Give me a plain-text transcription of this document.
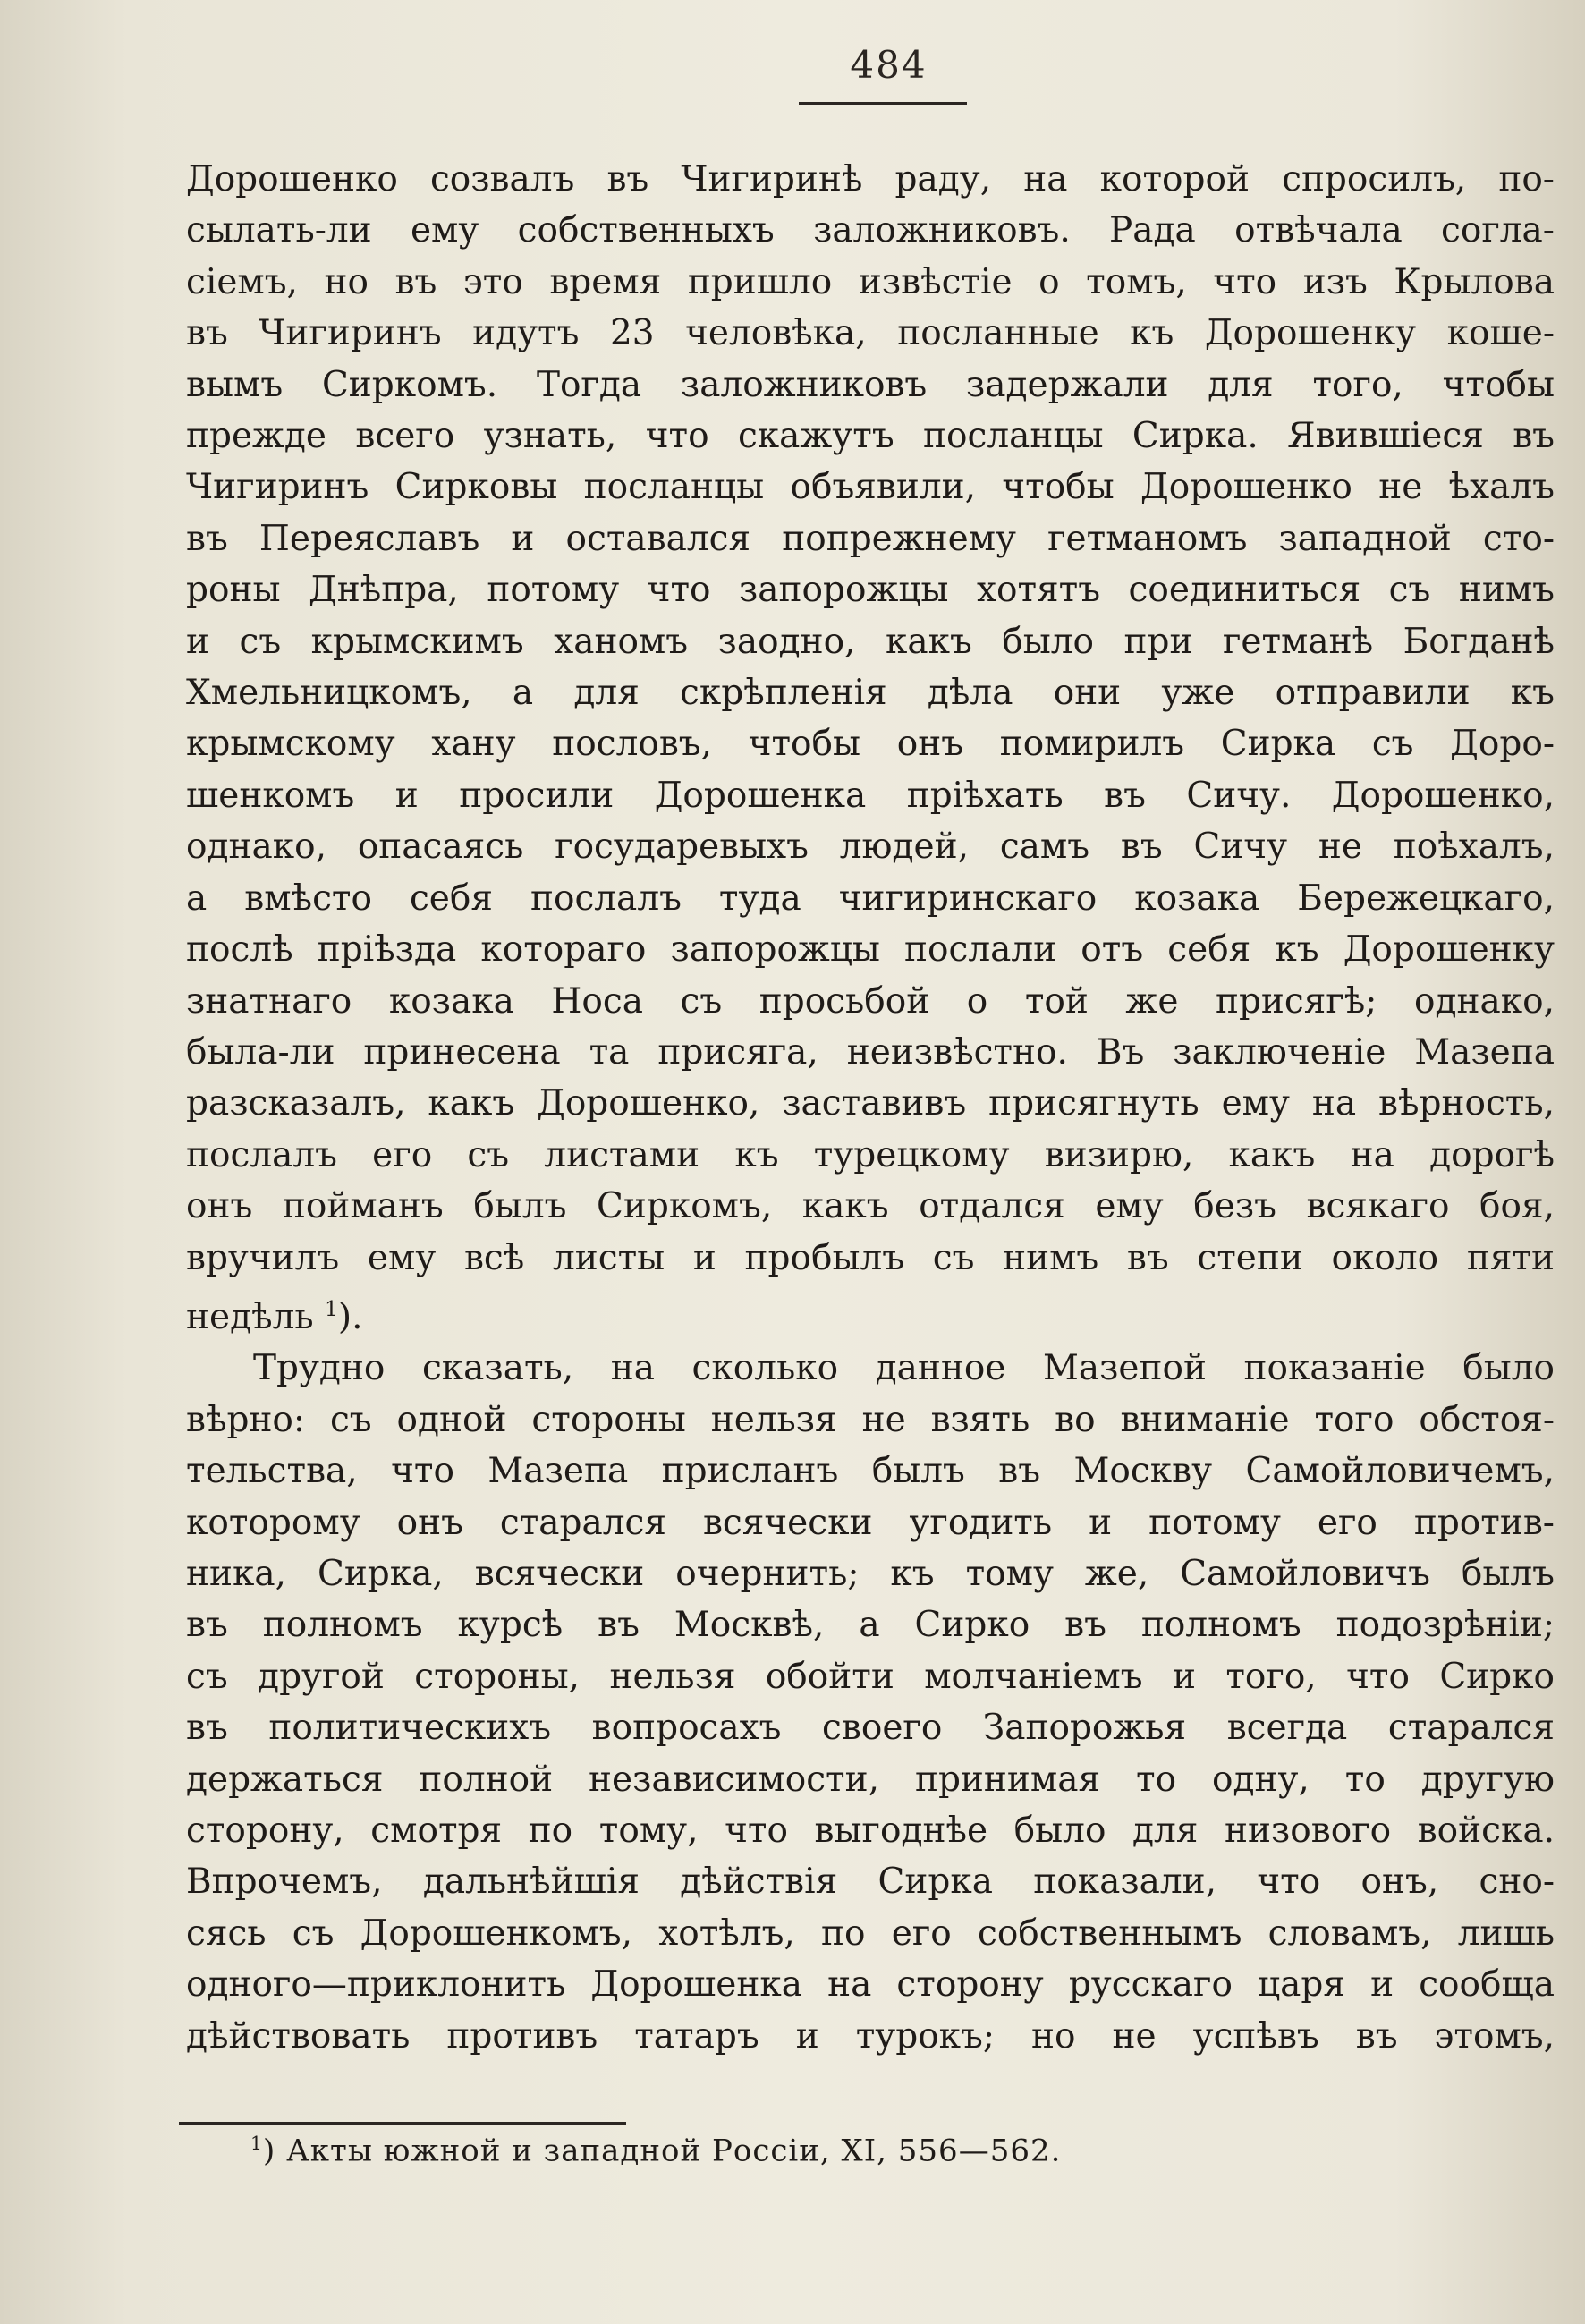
484
Дорошенко созвалъ въ Чигиринѣ раду, на которой спросилъ, по-
сылать-ли ему собственныхъ заложниковъ. Рада отвѣчала согла-
сіемъ, но въ это время пришло извѣстіе о томъ, что изъ Крылова
въ Чигиринъ идутъ 23 человѣка, посланные къ Дорошенку коше-
вымъ Сиркомъ. Тогда заложниковъ задержали для того, чтобы
прежде всего узнать, что скажутъ посланцы Сирка. Явившіеся въ
Чигиринъ Сирковы посланцы объявили, чтобы Дорошенко не ѣхалъ
въ Переяславъ и оставался попрежнему гетманомъ западной сто-
роны Днѣпра, потому что запорожцы хотятъ соединиться съ нимъ
и съ крымскимъ ханомъ заодно, какъ было при гетманѣ Богданѣ
Хмельницкомъ, а для скрѣпленія дѣла они уже отправили къ
крымскому хану пословъ, чтобы онъ помирилъ Сирка съ Доро-
шенкомъ и просили Дорошенка пріѣхать въ Сичу. Дорошенко,
однако, опасаясь государевыхъ людей, самъ въ Сичу не поѣхалъ,
а вмѣсто себя послалъ туда чигиринскаго козака Бережецкаго,
послѣ пріѣзда котораго запорожцы послали отъ себя къ Дорошенку
знатнаго козака Носа съ просьбой о той же присягѣ; однако,
была-ли принесена та присяга, неизвѣстно. Въ заключеніе Мазепа
разсказалъ, какъ Дорошенко, заставивъ присягнуть ему на вѣрность,
послалъ его съ листами къ турецкому визирю, какъ на дорогѣ
онъ пойманъ былъ Сиркомъ, какъ отдался ему безъ всякаго боя,
вручилъ ему всѣ листы и пробылъ съ нимъ въ степи около пяти
недѣль $^1$).
Трудно сказать, на сколько данное Мазепой показаніе было
вѣрно: съ одной стороны нельзя не взять во вниманіе того обстоя-
тельства, что Мазепа присланъ былъ въ Москву Самойловичемъ,
которому онъ старался всячески угодить и потому его против-
ника, Сирка, всячески очернить; къ тому же, Самойловичъ былъ
въ полномъ курсѣ въ Москвѣ, а Сирко въ полномъ подозрѣніи;
съ другой стороны, нельзя обойти молчаніемъ и того, что Сирко
въ политическихъ вопросахъ своего Запорожья всегда старался
держаться полной независимости, принимая то одну, то другую
сторону, смотря по тому, что выгоднѣе было для низового войска.
Впрочемъ, дальнѣйшія дѣйствія Сирка показали, что онъ, сно-
сясь съ Дорошенкомъ, хотѣлъ, по его собственнымъ словамъ, лишь
одного—приклонить Дорошенка на сторону русскаго царя и сообща
дѣйствовать противъ татаръ и турокъ; но не успѣвъ въ этомъ,
$^1$) Акты южной и западной Россіи, XI, 556—562.
